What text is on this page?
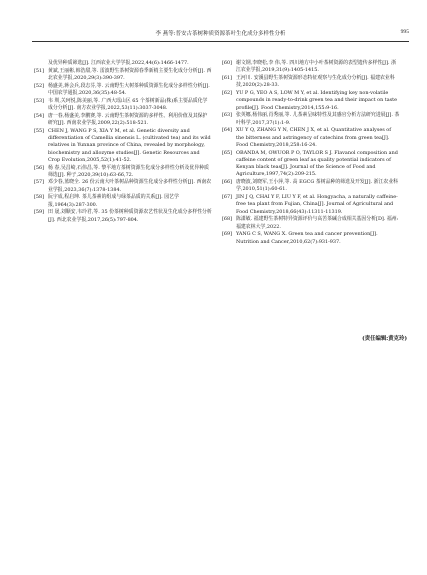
李 燕等:普安古茶树种质资源茶叶生化成分多样性分析	995
及优异种质筛选[J]. 江西农业大学学报,2022,44(6):1466-1477.
[51] 黄斌,王丽彬,韩浩甜,等. 雷波野生茶树资源春季新梢主要生化成分分析[J]. 西北农业学报,2020,29(3):390-397.
[52] 杨盛美,蒋会兵,段志芬,等. 云南野生大树茶种质资源生化成分多样性分析[J]. 中国农学通报,2020,36(35):48-54.
[53] 韦 圳,关珂悦,陈美丽,等. 广西大瑶山区 65 个茶树新品(株)系主要品质化学成分分析[J]. 南方农业学报,2022,53(11):3037-3048.
[54] 唐一春,杨盛美,李鹏赛,等. 云南野生茶树资源的多样性、利用价值及其保护研究[J]. 西南农业学报,2009,22(2):518-521.
[55] CHEN J, WANG P S, XIA Y M, et al. Genetic diversity and differentiation of Camellia sinensis L. (cultivated tea) and its wild relatives in Yunnan province of China, revealed by morphology, biochemistry and allozyme studies[J]. Genetic Resources and Crop Evolution,2005,52(1):41-52.
[56] 杨 春,吴昌崎,石伟昌,等. 黎平地方茶树资源生化成分多样性分析及优异种质筛选[J]. 种子,2020,39(10):63-66,72.
[57] 邓少春,蓝晓全. 26 份云南大叶茶树品种资源生化成分多样性分析[J]. 西南农业学报,2023,36(7):1378-1384.
[58] 阮宇成,程启坤. 茶儿茶素的组成与绿茶品质的关系[J]. 园艺学报,1964(3):287-300.
[59] 田 晟,刘顺安,韦玲君,等. 35 份茶树种质资源农艺性状及生化成分多样性分析[J]. 西北农业学报,2017,26(5):797-804.
[60] 谢文钢,李晓松,李 伟,等. 四川地方中小叶茶树资源的表型遗传多样性[J]. 浙江农业学报,2019,31(9):1405-1415.
[61] 王河川. 安溪县野生茶树资源形态特征观察与生化成分分析[J]. 福建农业科技,2020(2):28-33.
[62] YU P G, YEO A S, LOW M Y, et al. Identifying key non-volatile compounds in ready-to-drink green tea and their impact on taste profile[J]. Food Chemistry,2014,155:9-16.
[63] 张英娜,杨伟丽,肖秀丽,等. 儿茶素呈味特性及其感官分析方法研究进展[J]. 茶叶科学,2017,37(1):1-9.
[64] XU Y Q, ZHANG Y N, CHEN J X, et al. Quantitative analyses of the bitterness and astringency of catechins from green tea[J]. Food Chemistry,2018,258:16-24.
[65] OBANDA M, OWUOR P O, TAYLOR S J. Flavanol composition and caffeine content of green leaf as quality potential indicators of Kenyan black teas[J]. Journal of the Science of Food and Agriculture,1997,74(2):209-215.
[66] 唐晓波,刘晓军,王小萍,等. 高 EGCG 茶树品种的筛选及开发[J]. 浙江农业科学,2010,51(1):60-61.
[67] JIN J Q, CHAI Y F, LIU Y F, et al. Hongyacha, a naturally caffeine-free tea plant from Fujian, China[J]. Journal of Agricultural and Food Chemistry,2018,66(43):11311-11319.
[68] 陈潇敏. 福建野生茶树特异资源评价与高苦茶碱合成相关基因分析[D]. 福州:福建农林大学,2022.
[69] YANG C S, WANG X. Green tea and cancer prevention[J]. Nutrition and Cancer,2010,62(7):931-937.
(责任编辑:黄克玲)
